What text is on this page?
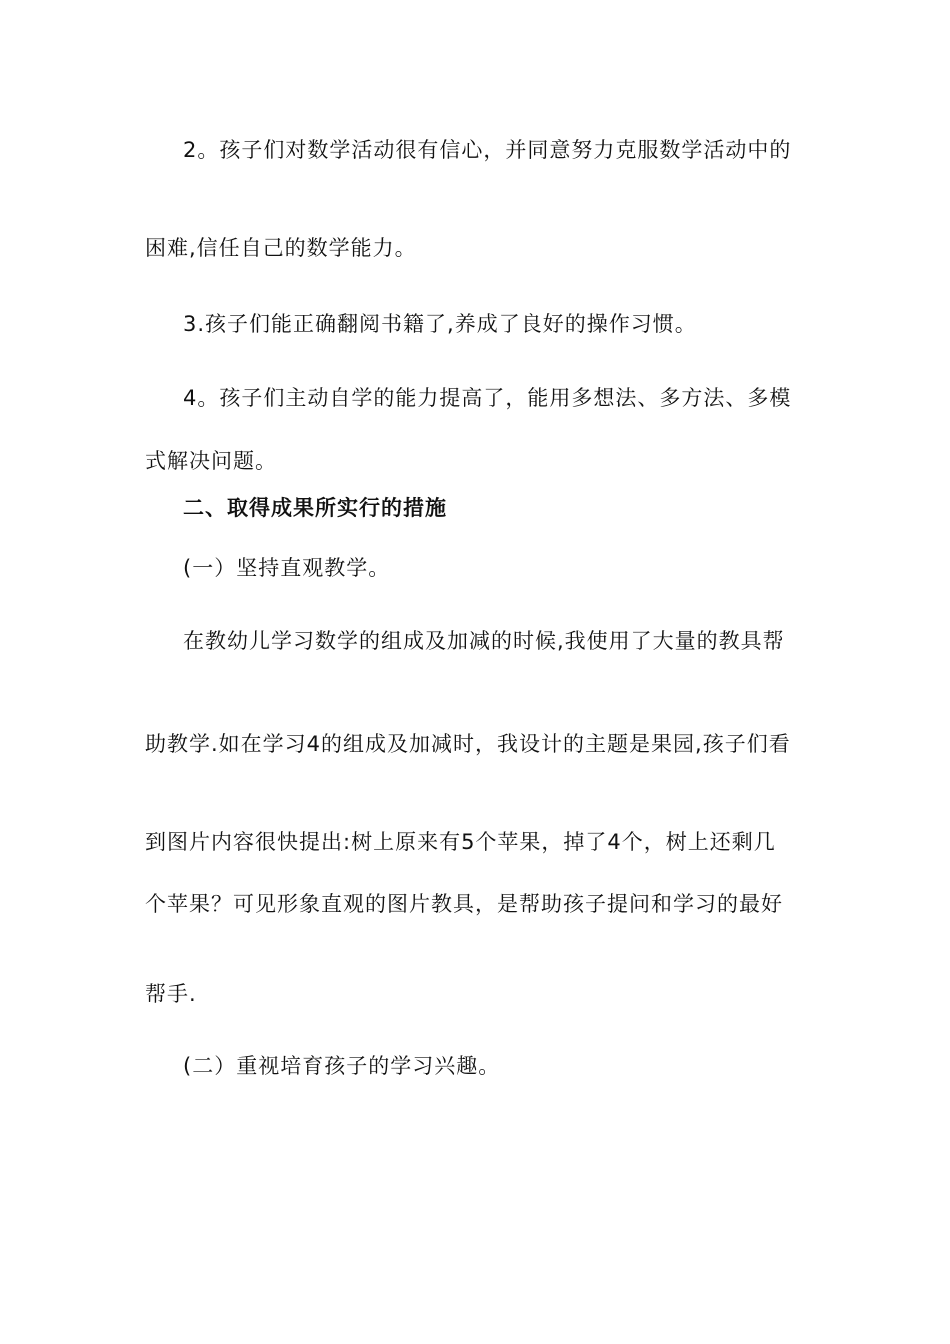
2。孩子们对数学活动很有信心，并同意努力克服数学活动中的
困难,信任自己的数学能力。
3.孩子们能正确翻阅书籍了,养成了良好的操作习惯。
4。孩子们主动自学的能力提高了，能用多想法、多方法、多模
式解决问题。
二、取得成果所实行的措施
(一）坚持直观教学。
在教幼儿学习数学的组成及加减的时候,我使用了大量的教具帮
助教学.如在学习4的组成及加减时，我设计的主题是果园,孩子们看
到图片内容很快提出:树上原来有5个苹果，掉了4个，树上还剩几
个苹果？可见形象直观的图片教具，是帮助孩子提问和学习的最好
帮手.
(二）重视培育孩子的学习兴趣。
